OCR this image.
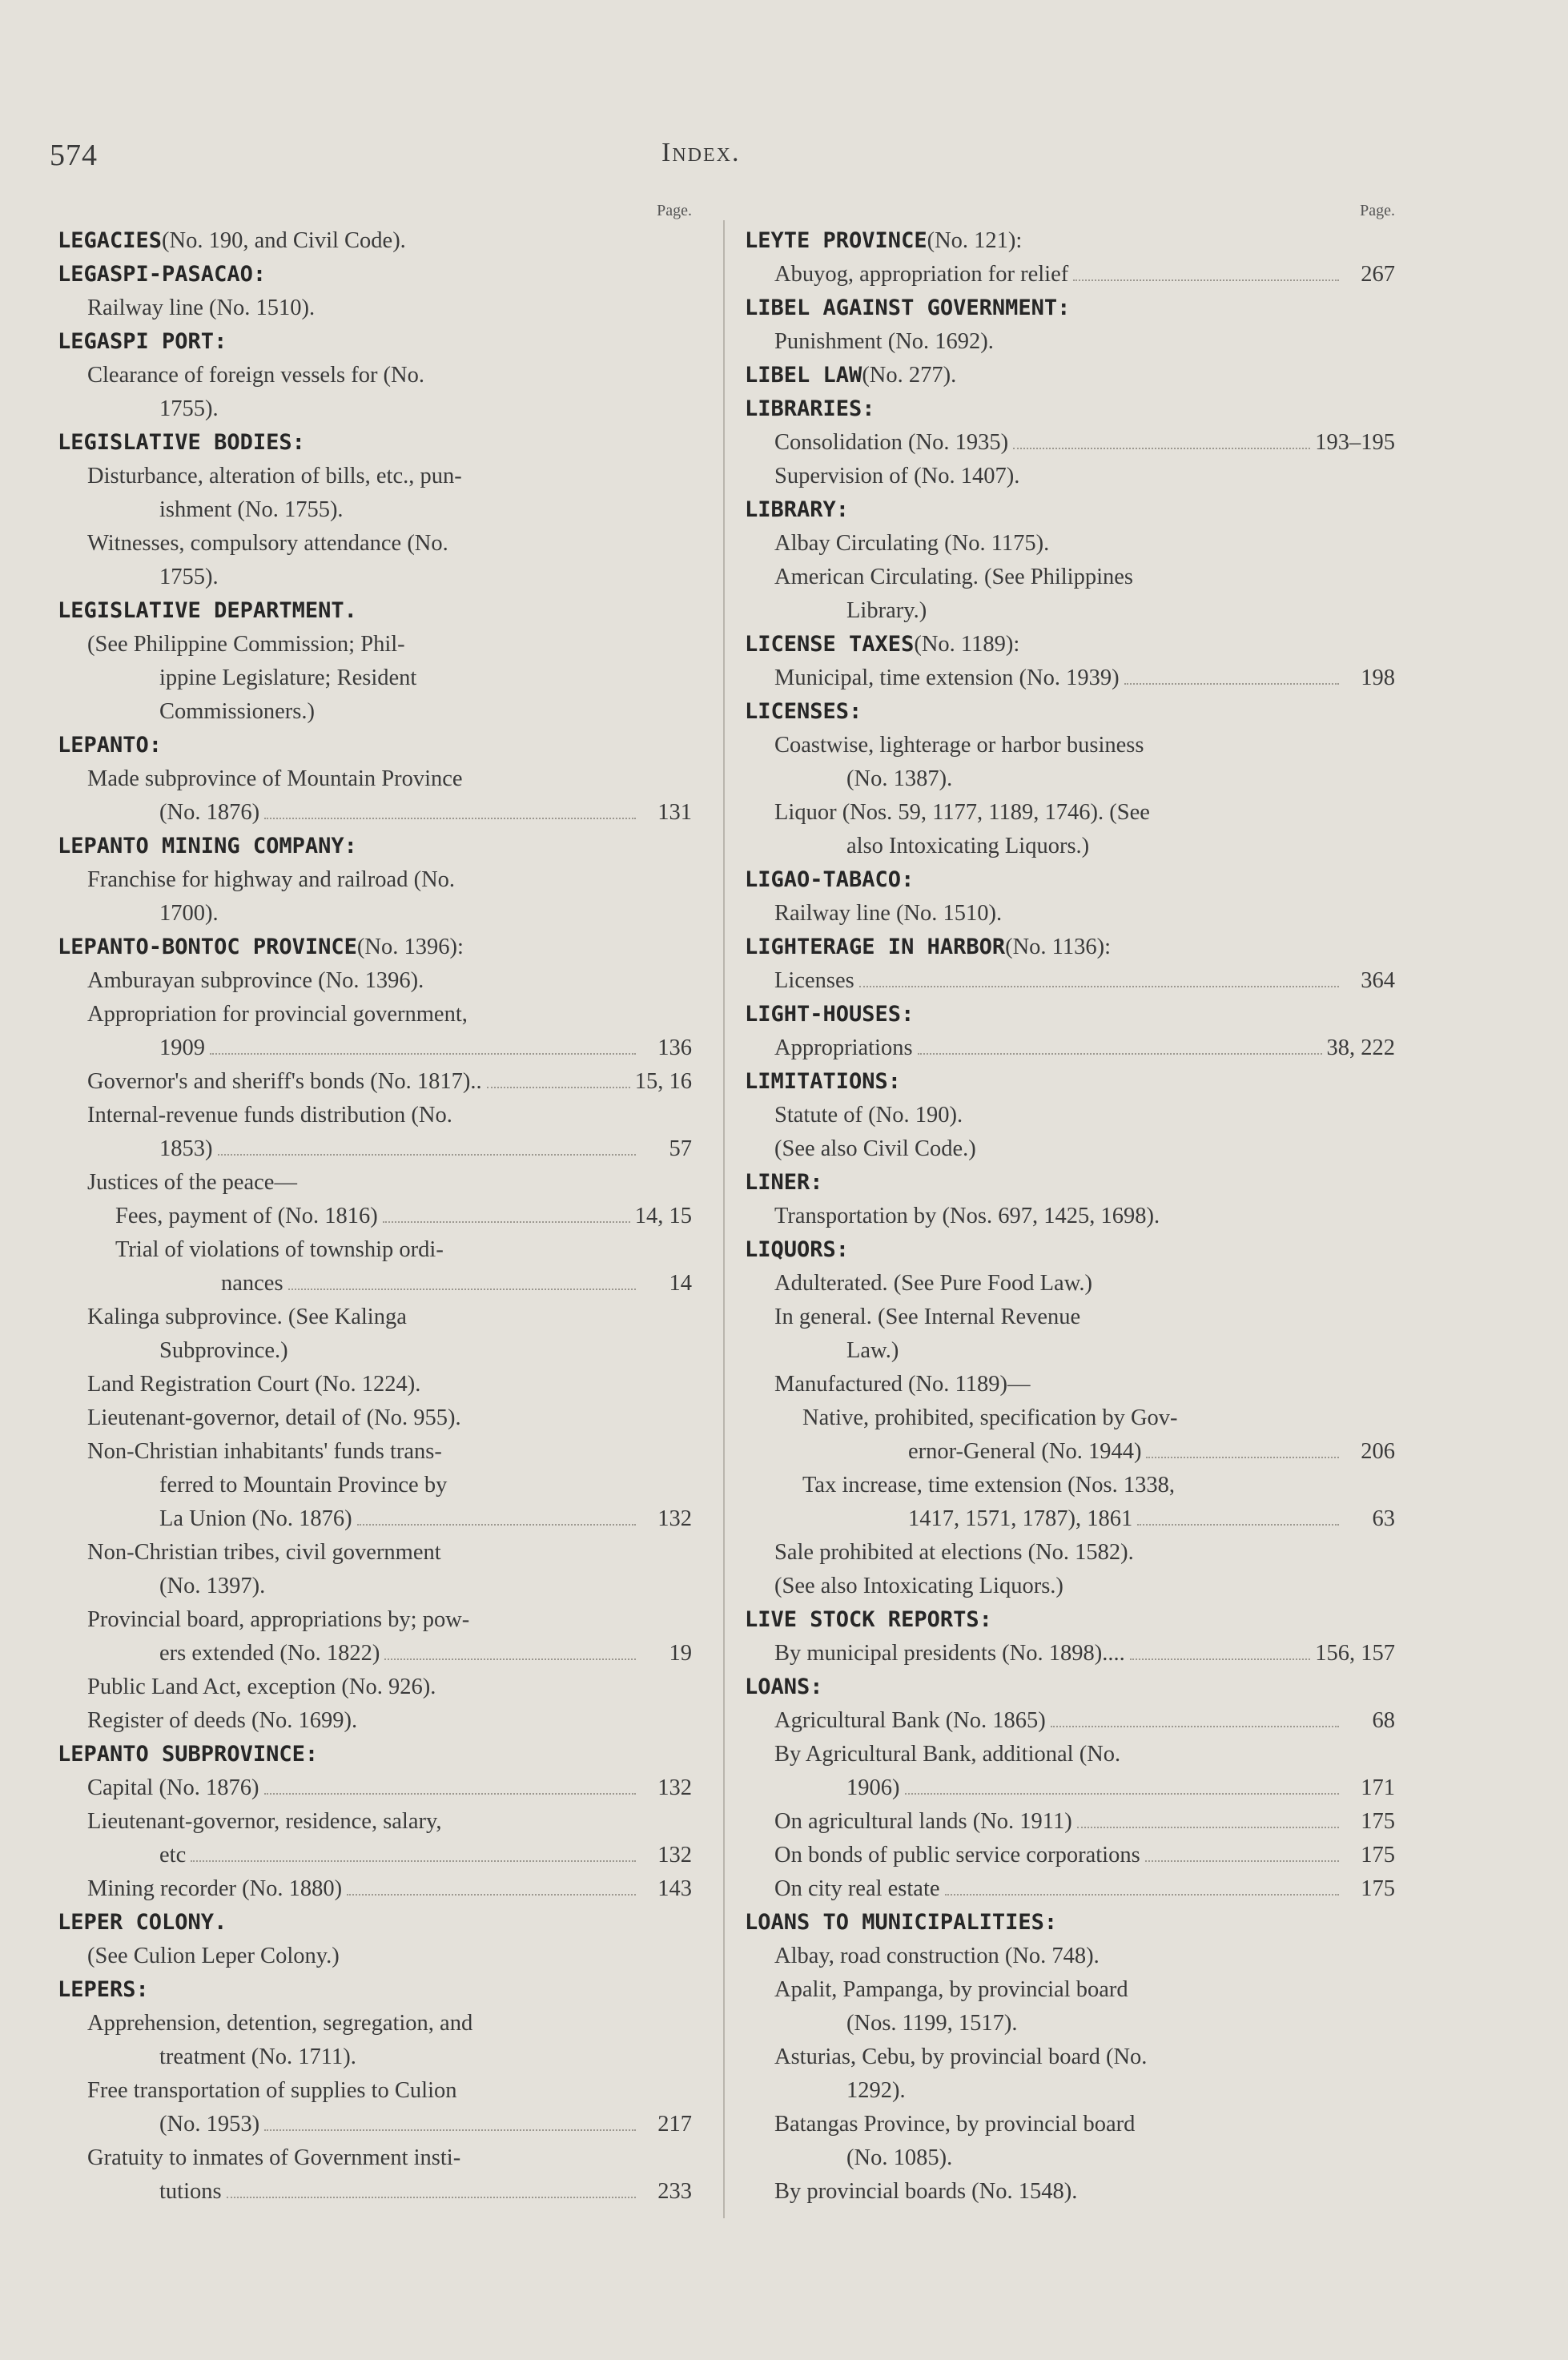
574	Index.
Page.
LEGACIES (No. 190, and Civil Code).
LEGASPI-PASACAO:
Railway line (No. 1510).
LEGASPI PORT:
Clearance of foreign vessels for (No.
1755).
LEGISLATIVE BODIES:
Disturbance, alteration of bills, etc., pun-
ishment (No. 1755).
Witnesses, compulsory attendance (No.
1755).
LEGISLATIVE DEPARTMENT.
(See Philippine Commission; Phil-
ippine Legislature; Resident
Commissioners.)
LEPANTO:
Made subprovince of Mountain Province
(No. 1876)	131
LEPANTO MINING COMPANY:
Franchise for highway and railroad (No.
1700).
LEPANTO-BONTOC PROVINCE (No. 1396):
Amburayan subprovince (No. 1396).
Appropriation for provincial government,
1909	136
Governor's and sheriff's bonds (No. 1817)..	15, 16
Internal-revenue funds distribution (No.
1853)	57
Justices of the peace—
Fees, payment of (No. 1816)	14, 15
Trial of violations of township ordi-
nances	14
Kalinga subprovince. (See Kalinga
Subprovince.)
Land Registration Court (No. 1224).
Lieutenant-governor, detail of (No. 955).
Non-Christian inhabitants' funds trans-
ferred to Mountain Province by
La Union (No. 1876)	132
Non-Christian tribes, civil government
(No. 1397).
Provincial board, appropriations by; pow-
ers extended (No. 1822)	19
Public Land Act, exception (No. 926).
Register of deeds (No. 1699).
LEPANTO SUBPROVINCE:
Capital (No. 1876)	132
Lieutenant-governor, residence, salary,
etc	132
Mining recorder (No. 1880)	143
LEPER COLONY.
(See Culion Leper Colony.)
LEPERS:
Apprehension, detention, segregation, and
treatment (No. 1711).
Free transportation of supplies to Culion
(No. 1953)	217
Gratuity to inmates of Government insti-
tutions	233
Page.
LEYTE PROVINCE (No. 121):
Abuyog, appropriation for relief	267
LIBEL AGAINST GOVERNMENT:
Punishment (No. 1692).
LIBEL LAW (No. 277).
LIBRARIES:
Consolidation (No. 1935)	193–195
Supervision of (No. 1407).
LIBRARY:
Albay Circulating (No. 1175).
American Circulating. (See Philippines
Library.)
LICENSE TAXES (No. 1189):
Municipal, time extension (No. 1939)	198
LICENSES:
Coastwise, lighterage or harbor business
(No. 1387).
Liquor (Nos. 59, 1177, 1189, 1746). (See
also Intoxicating Liquors.)
LIGAO-TABACO:
Railway line (No. 1510).
LIGHTERAGE IN HARBOR (No. 1136):
Licenses	364
LIGHT-HOUSES:
Appropriations	38, 222
LIMITATIONS:
Statute of (No. 190).
(See also Civil Code.)
LINER:
Transportation by (Nos. 697, 1425, 1698).
LIQUORS:
Adulterated. (See Pure Food Law.)
In general. (See Internal Revenue
Law.)
Manufactured (No. 1189)—
Native, prohibited, specification by Gov-
ernor-General (No. 1944)	206
Tax increase, time extension (Nos. 1338,
1417, 1571, 1787), 1861	63
Sale prohibited at elections (No. 1582).
(See also Intoxicating Liquors.)
LIVE STOCK REPORTS:
By municipal presidents (No. 1898)....	156, 157
LOANS:
Agricultural Bank (No. 1865)	68
By Agricultural Bank, additional (No.
1906)	171
On agricultural lands (No. 1911)	175
On bonds of public service corporations	175
On city real estate	175
LOANS TO MUNICIPALITIES:
Albay, road construction (No. 748).
Apalit, Pampanga, by provincial board
(Nos. 1199, 1517).
Asturias, Cebu, by provincial board (No.
1292).
Batangas Province, by provincial board
(No. 1085).
By provincial boards (No. 1548).
